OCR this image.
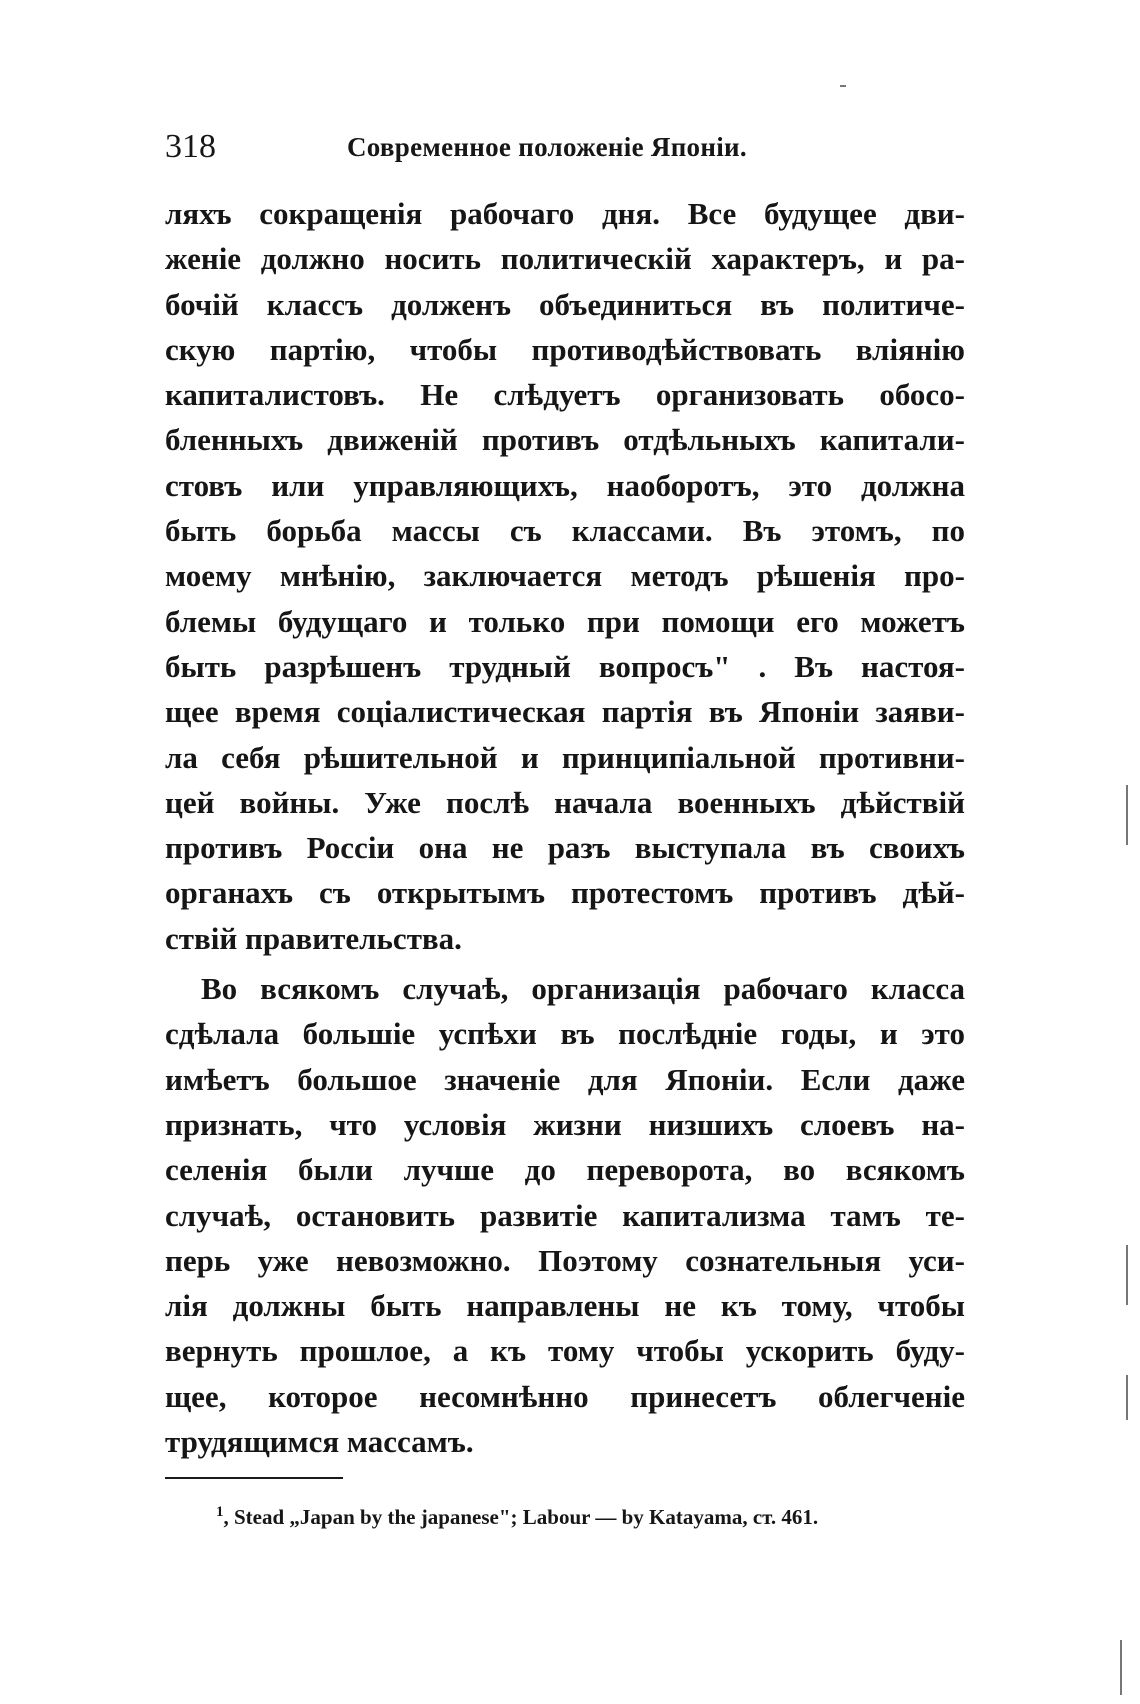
318	Современное положенiе Японiи.
ляхъ сокращенiя рабочаго дня. Все будущее дви-
женiе должно носить политическiй характеръ, и ра-
бочiй классъ долженъ объединиться въ политиче-
скую партiю, чтобы противодѣйствовать влiянiю
капиталистовъ. Не слѣдуетъ организовать обосо-
бленныхъ движенiй противъ отдѣльныхъ капитали-
стовъ или управляющихъ, наоборотъ, это должна
быть борьба массы съ классами. Въ этомъ, по
моему мнѣнiю, заключается методъ рѣшенiя про-
блемы будущаго и только при помощи его можетъ
быть разрѣшенъ трудный вопросъ" . Въ настоя-
щее время соцiалистическая партiя въ Японiи заяви-
ла себя рѣшительной и принципiальной противни-
цей войны. Уже послѣ начала военныхъ дѣйствiй
противъ Россiи она не разъ выступала въ своихъ
органахъ съ открытымъ протестомъ противъ дѣй-
ствiй правительства.
Во всякомъ случаѣ, организацiя рабочаго класса
сдѣлала большiе успѣхи въ послѣднiе годы, и это
имѣетъ большое значенiе для Японiи. Если даже
признать, что условiя жизни низшихъ слоевъ на-
селенiя были лучше до переворота, во всякомъ
случаѣ, остановить развитiе капитализма тамъ те-
перь уже невозможно. Поэтому сознательныя уси-
лiя должны быть направлены не къ тому, чтобы
вернуть прошлое, а къ тому чтобы ускорить буду-
щее, которое несомнѣнно принесетъ облегченiе
трудящимся массамъ.
$^1$, Stead „Japan by the japanese"; Labour — by Katayama, ст. 461.
